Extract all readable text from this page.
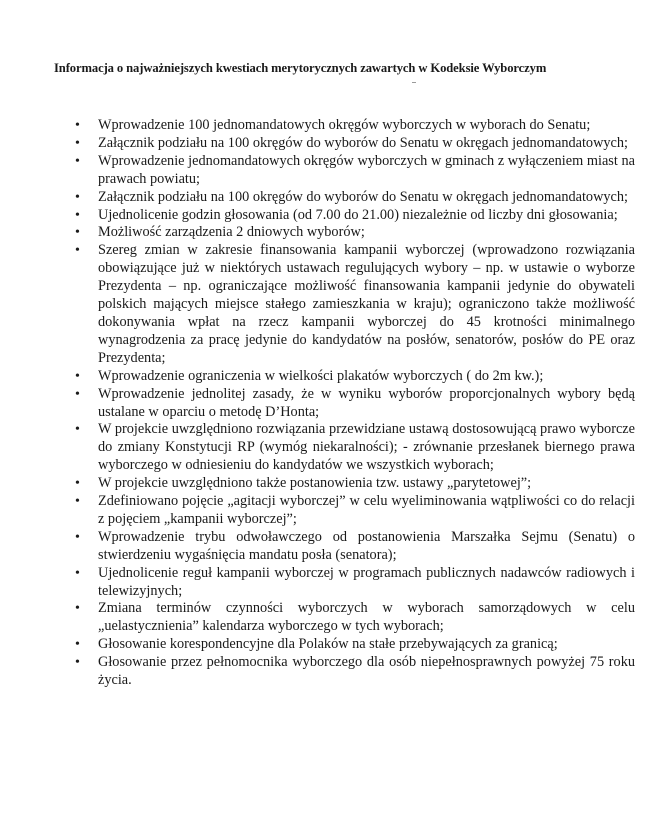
Informacja o najważniejszych kwestiach merytorycznych zawartych w Kodeksie Wyborczym
• Wprowadzenie 100 jednomandatowych okręgów wyborczych w wyborach do Senatu;
• Załącznik podziału na 100 okręgów do wyborów do Senatu w okręgach jednomandatowych;
• Wprowadzenie jednomandatowych okręgów wyborczych w gminach z wyłączeniem miast na prawach powiatu;
• Załącznik podziału na 100 okręgów do wyborów do Senatu w okręgach jednomandatowych;
• Ujednolicenie godzin głosowania (od 7.00 do 21.00) niezależnie od liczby dni głosowania;
• Możliwość zarządzenia 2 dniowych wyborów;
• Szereg zmian w zakresie finansowania kampanii wyborczej (wprowadzono rozwiązania obowiązujące już w niektórych ustawach regulujących wybory – np. w ustawie o wyborze Prezydenta – np. ograniczające możliwość finansowania kampanii jedynie do obywateli polskich mających miejsce stałego zamieszkania w kraju); ograniczono także możliwość dokonywania wpłat na rzecz kampanii wyborczej do 45 krotności minimalnego wynagrodzenia za pracę jedynie do kandydatów na posłów, senatorów, posłów do PE oraz Prezydenta;
• Wprowadzenie ograniczenia w wielkości plakatów wyborczych ( do 2m kw.);
• Wprowadzenie jednolitej zasady, że w wyniku wyborów proporcjonalnych wybory będą ustalane w oparciu o metodę D’Honta;
• W projekcie uwzględniono rozwiązania przewidziane ustawą dostosowującą prawo wyborcze do zmiany Konstytucji RP (wymóg niekaralności); - zrównanie przesłanek biernego prawa wyborczego w odniesieniu do kandydatów we wszystkich wyborach;
• W projekcie uwzględniono także postanowienia tzw. ustawy „parytetowej”;
• Zdefiniowano pojęcie „agitacji wyborczej” w celu wyeliminowania wątpliwości co do relacji z pojęciem „kampanii wyborczej”;
• Wprowadzenie trybu odwoławczego od postanowienia Marszałka Sejmu (Senatu) o stwierdzeniu wygaśnięcia mandatu posła (senatora);
• Ujednolicenie reguł kampanii wyborczej w programach publicznych nadawców radiowych i telewizyjnych;
• Zmiana terminów czynności wyborczych w wyborach samorządowych w celu „uelastycznienia” kalendarza wyborczego w tych wyborach;
• Głosowanie korespondencyjne dla Polaków na stałe przebywających za granicą;
• Głosowanie przez pełnomocnika wyborczego dla osób niepełnosprawnych powyżej 75 roku życia.
